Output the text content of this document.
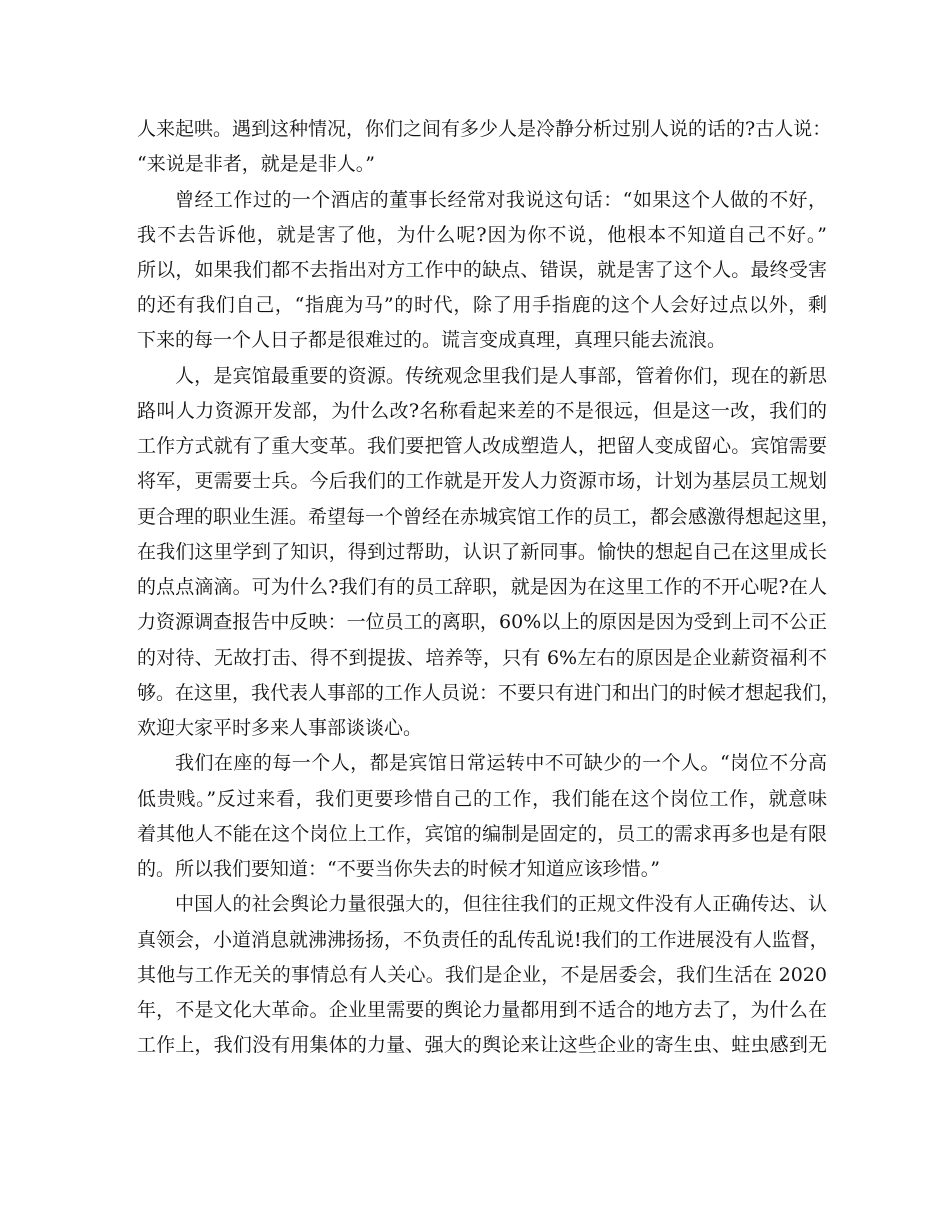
人来起哄。遇到这种情况，你们之间有多少人是冷静分析过别人说的话的?古人说：
“来说是非者，就是是非人。”
曾经工作过的一个酒店的董事长经常对我说这句话：“如果这个人做的不好，
我不去告诉他，就是害了他，为什么呢?因为你不说，他根本不知道自己不好。”
所以，如果我们都不去指出对方工作中的缺点、错误，就是害了这个人。最终受害
的还有我们自己，“指鹿为马”的时代，除了用手指鹿的这个人会好过点以外，剩
下来的每一个人日子都是很难过的。谎言变成真理，真理只能去流浪。
人，是宾馆最重要的资源。传统观念里我们是人事部，管着你们，现在的新思
路叫人力资源开发部，为什么改?名称看起来差的不是很远，但是这一改，我们的
工作方式就有了重大变革。我们要把管人改成塑造人，把留人变成留心。宾馆需要
将军，更需要士兵。今后我们的工作就是开发人力资源市场，计划为基层员工规划
更合理的职业生涯。希望每一个曾经在赤城宾馆工作的员工，都会感激得想起这里，
在我们这里学到了知识，得到过帮助，认识了新同事。愉快的想起自己在这里成长
的点点滴滴。可为什么?我们有的员工辞职，就是因为在这里工作的不开心呢?在人
力资源调查报告中反映：一位员工的离职，60%以上的原因是因为受到上司不公正
的对待、无故打击、得不到提拔、培养等，只有 6%左右的原因是企业薪资福利不
够。在这里，我代表人事部的工作人员说：不要只有进门和出门的时候才想起我们，
欢迎大家平时多来人事部谈谈心。
我们在座的每一个人，都是宾馆日常运转中不可缺少的一个人。“岗位不分高
低贵贱。”反过来看，我们更要珍惜自己的工作，我们能在这个岗位工作，就意味
着其他人不能在这个岗位上工作，宾馆的编制是固定的，员工的需求再多也是有限
的。所以我们要知道：“不要当你失去的时候才知道应该珍惜。”
中国人的社会舆论力量很强大的，但往往我们的正规文件没有人正确传达、认
真领会，小道消息就沸沸扬扬，不负责任的乱传乱说!我们的工作进展没有人监督，
其他与工作无关的事情总有人关心。我们是企业，不是居委会，我们生活在 2020
年，不是文化大革命。企业里需要的舆论力量都用到不适合的地方去了，为什么在
工作上，我们没有用集体的力量、强大的舆论来让这些企业的寄生虫、蛀虫感到无
